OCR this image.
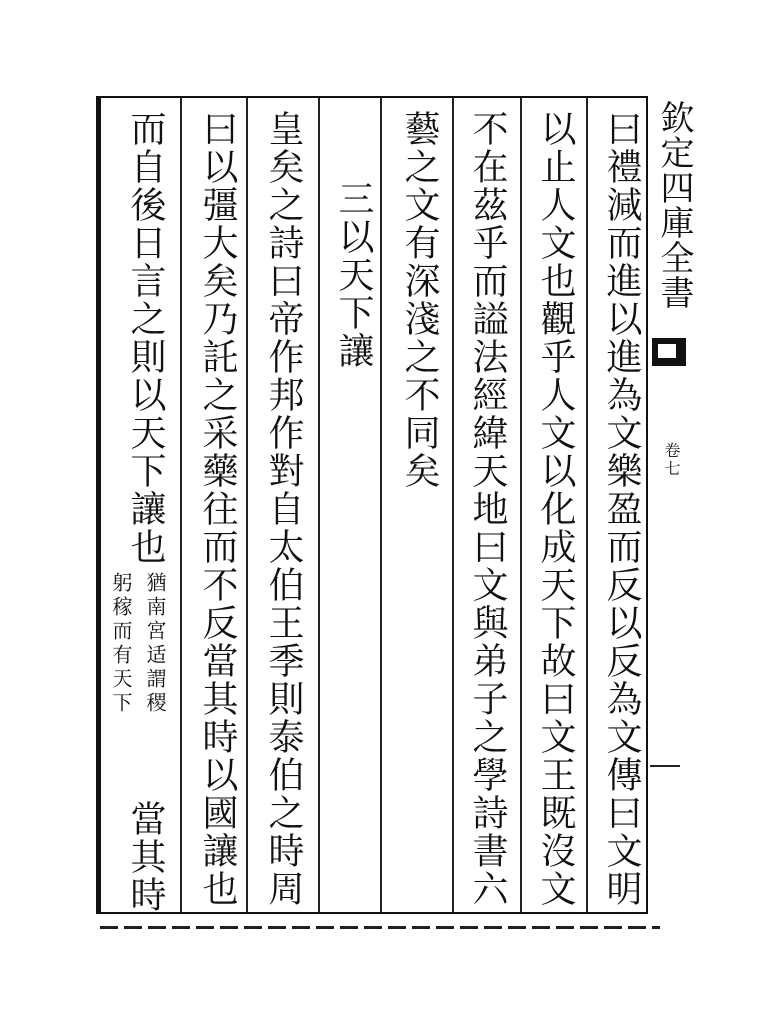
欽定四庫全書
卷七
曰禮減而進以進為文樂盈而反以反為文傳曰文明
以止人文也觀乎人文以化成天下故曰文王既沒文
不在茲乎而謚法經緯天地曰文與弟子之學詩書六
藝之文有深淺之不同矣
三以天下讓
皇矣之詩曰帝作邦作對自太伯王季則泰伯之時周
曰以彊大矣乃託之采藥往而不反當其時以國讓也
而自後日言之則以天下讓也
猶南宮适謂稷
躬稼而有天下
當其時
